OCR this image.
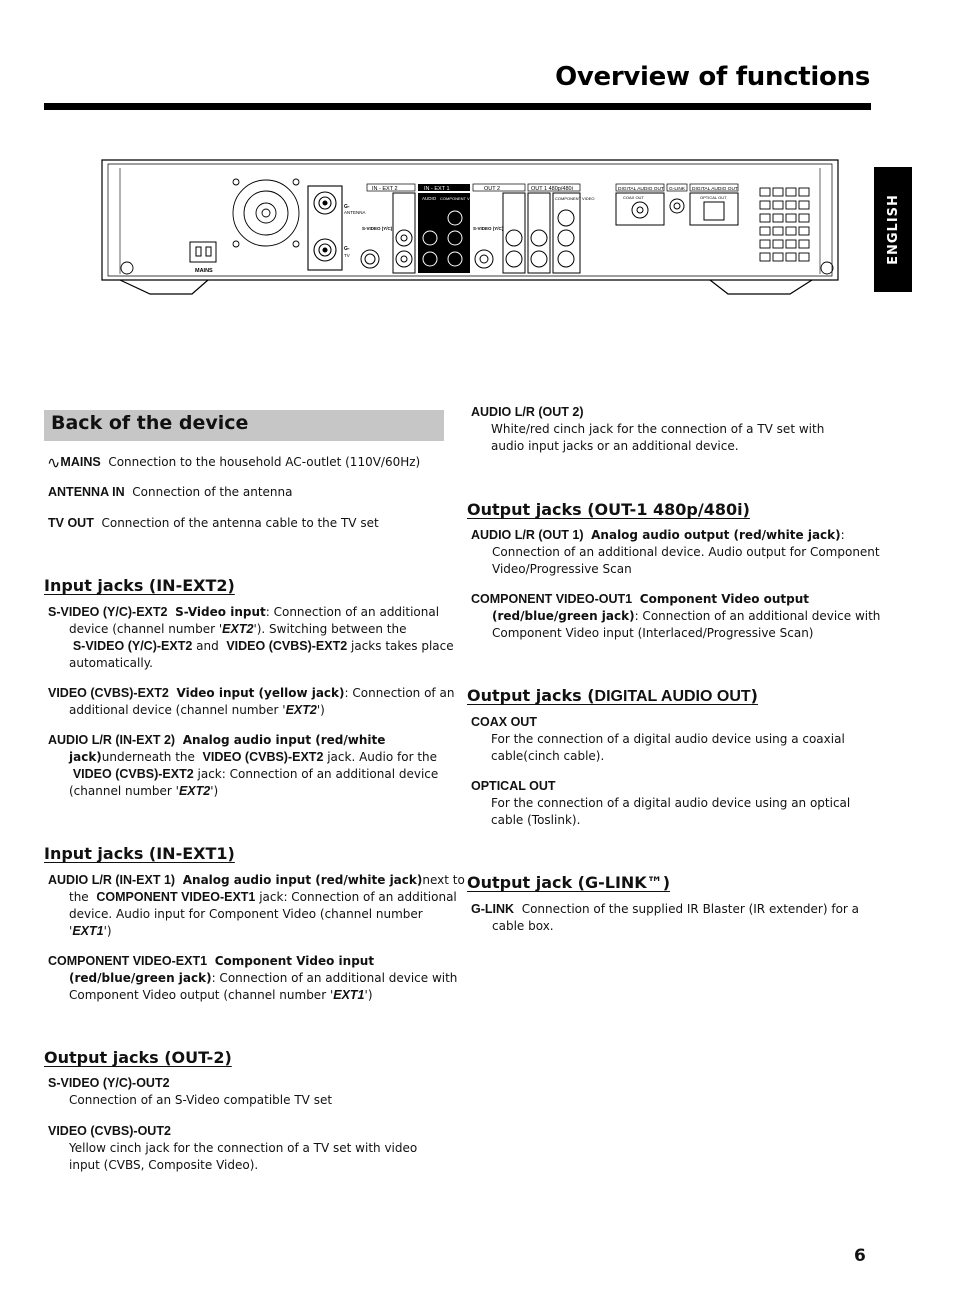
Overview of functions
ENGLISH
MAINS
G-
ANTENNA
G-
TV
IN - EXT 2	IN - EXT 1	OUT 2	OUT 1 480p/480i	DIGITAL AUDIO OUT G-LINK DIGITAL AUDIO OUT
S-VIDEO (Y/C)
AUDIO COMPONENT VIDEO
S-VIDEO (Y/C)
COMPONENT VIDEO	COAX OUT	OPTICAL OUT
Back of the device

∿MAINS Connection to the household AC-outlet (110V/60Hz)

ANTENNA IN Connection of the antenna

TV OUT Connection of the antenna cable to the TV set

Input jacks (IN-EXT2)

S-VIDEO (Y/C)-EXT2 S-Video input: Connection of an additional device (channel number 'EXT2'). Switching between the
S-VIDEO (Y/C)-EXT2 and  VIDEO (CVBS)-EXT2 jacks takes place automatically.

VIDEO (CVBS)-EXT2 Video input (yellow jack): Connection of an additional device (channel number 'EXT2')

AUDIO L/R (IN-EXT 2) Analog audio input (red/white jack)underneath the  VIDEO (CVBS)-EXT2 jack. Audio for the
VIDEO (CVBS)-EXT2 jack: Connection of an additional device (channel number 'EXT2')

Input jacks (IN-EXT1)

AUDIO L/R (IN-EXT 1) Analog audio input (red/white jack)next to the  COMPONENT VIDEO-EXT1 jack: Connection of an additional device. Audio input for Component Video (channel number 'EXT1')

COMPONENT VIDEO-EXT1 Component Video input (red/blue/green jack): Connection of an additional device with Component Video output (channel number 'EXT1')

Output jacks (OUT-2)

S-VIDEO (Y/C)-OUT2

Connection of an S-Video compatible TV set

VIDEO (CVBS)-OUT2

Yellow cinch jack for the connection of a TV set with video input (CVBS, Composite Video).

AUDIO L/R (OUT 2)

White/red cinch jack for the connection of a TV set with audio input jacks or an additional device.

Output jacks (OUT-1 480p/480i)

AUDIO L/R (OUT 1) Analog audio output (red/white jack): Connection of an additional device. Audio output for Component Video/Progressive Scan

COMPONENT VIDEO-OUT1 Component Video output (red/blue/green jack): Connection of an additional device with Component Video input (Interlaced/Progressive Scan)

Output jacks (DIGITAL AUDIO OUT)

COAX OUT

For the connection of a digital audio device using a coaxial cable(cinch cable).

OPTICAL OUT

For the connection of a digital audio device using an optical cable (Toslink).

Output jack (G-LINK™)

G-LINK Connection of the supplied IR Blaster (IR extender) for a cable box.

6
